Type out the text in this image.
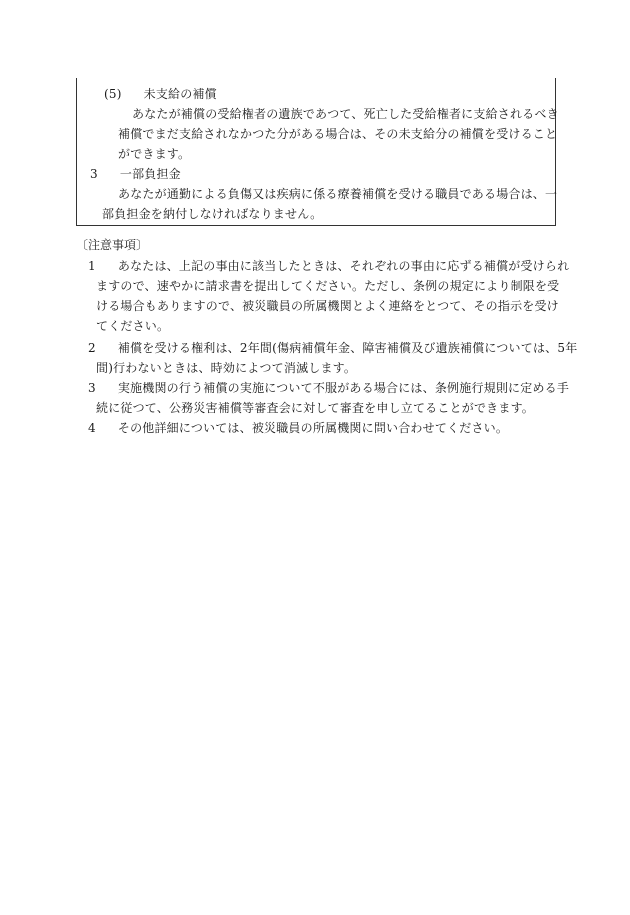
(5) 未支給の補償
あなたが補償の受給権者の遺族であつて、死亡した受給権者に支給されるべき
補償でまだ支給されなかつた分がある場合は、その未支給分の補償を受けること
ができます。
3 一部負担金
あなたが通勤による負傷又は疾病に係る療養補償を受ける職員である場合は、一
部負担金を納付しなければなりません。
〔注意事項〕
1 あなたは、上記の事由に該当したときは、それぞれの事由に応ずる補償が受けられ
ますので、速やかに請求書を提出してください。ただし、条例の規定により制限を受
ける場合もありますので、被災職員の所属機関とよく連絡をとつて、その指示を受け
てください。
2 補償を受ける権利は、2年間(傷病補償年金、障害補償及び遺族補償については、5年
間)行わないときは、時効によつて消滅します。
3 実施機関の行う補償の実施について不服がある場合には、条例施行規則に定める手
続に従つて、公務災害補償等審査会に対して審査を申し立てることができます。
4 その他詳細については、被災職員の所属機関に問い合わせてください。
